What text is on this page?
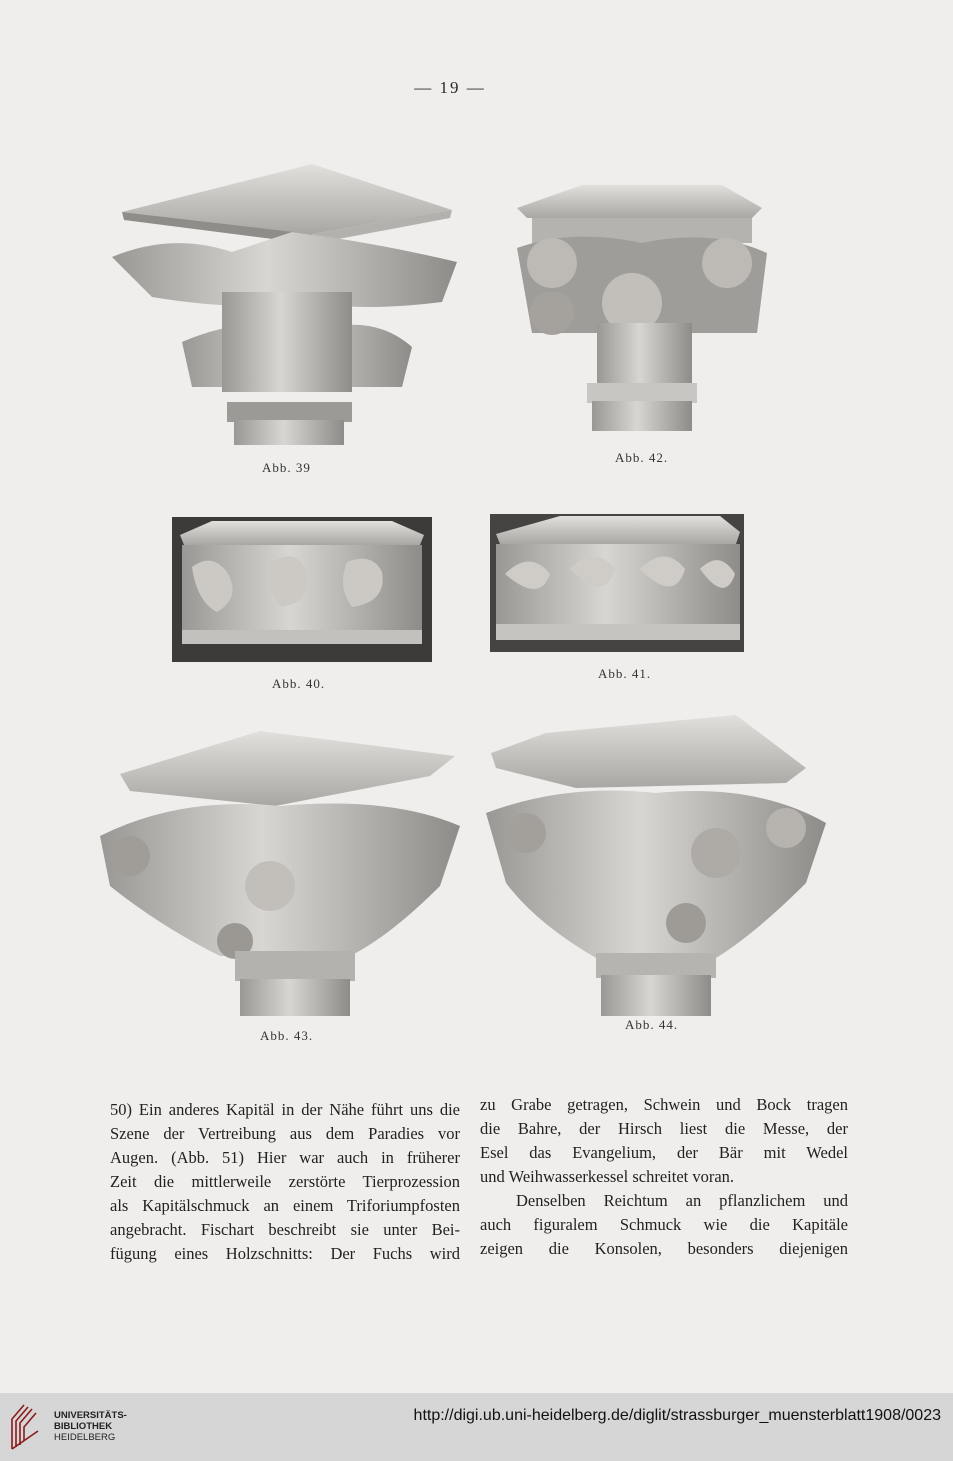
— 19 —
Abb. 39
Abb. 42.
Abb. 40.
Abb. 41.
Abb. 43.
Abb. 44.
50) Ein anderes Kapitäl in der Nähe führt uns die
Szene der Vertreibung aus dem Paradies vor
Augen. (Abb. 51) Hier war auch in früherer
Zeit die mittlerweile zerstörte Tierprozession
als Kapitälschmuck an einem Triforiumpfosten
angebracht. Fischart beschreibt sie unter Bei-
fügung eines Holzschnitts: Der Fuchs wird
zu Grabe getragen, Schwein und Bock tragen
die Bahre, der Hirsch liest die Messe, der
Esel das Evangelium, der Bär mit Wedel
und Weihwasserkessel schreitet voran.
Denselben Reichtum an pflanzlichem und
auch figuralem Schmuck wie die Kapitäle
zeigen die Konsolen, besonders diejenigen
UNIVERSITÄTS-
BIBLIOTHEK
HEIDELBERG
http://digi.ub.uni-heidelberg.de/diglit/strassburger_muensterblatt1908/0023
